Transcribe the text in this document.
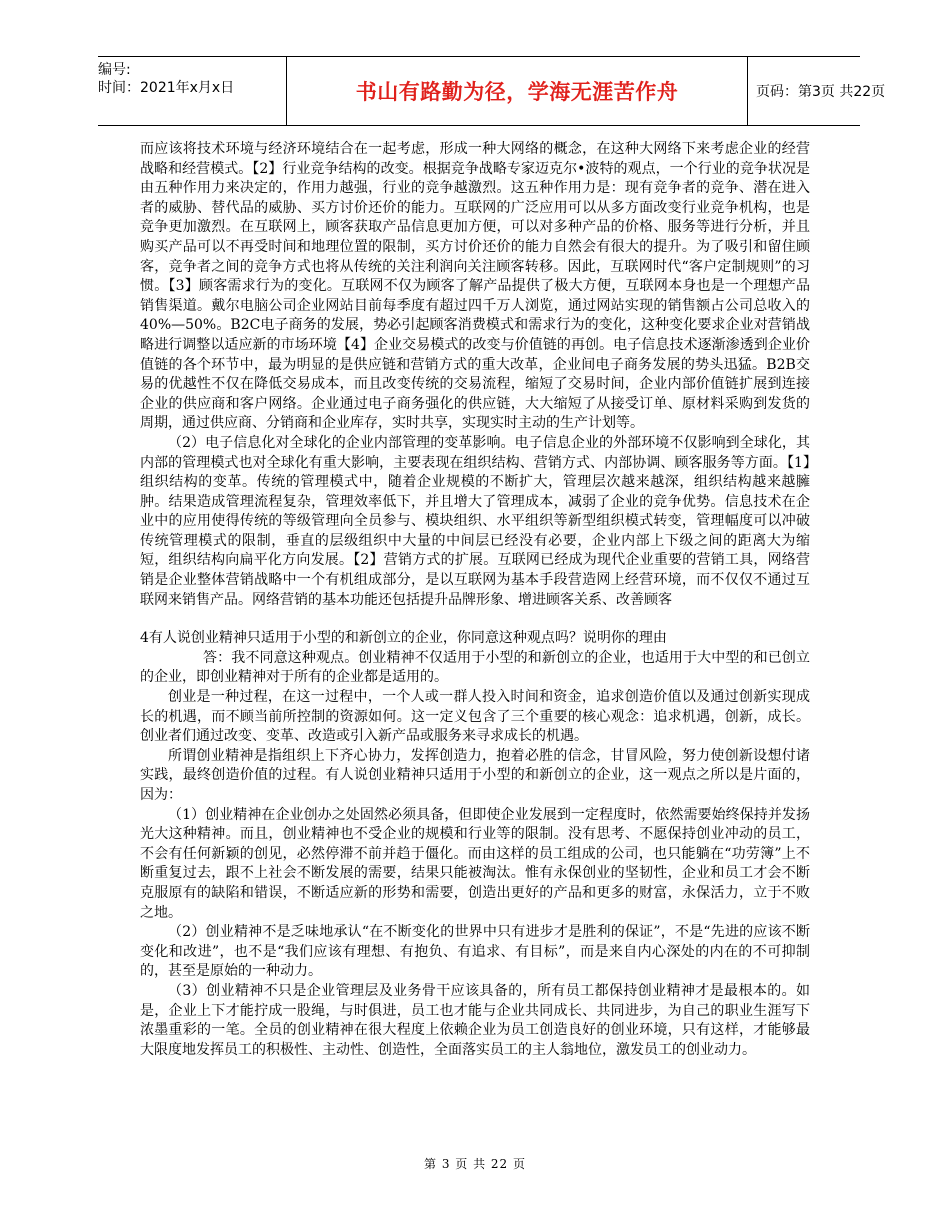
编号:
时间：2021年x月x日	书山有路勤为径，学海无涯苦作舟	页码：第3页 共22页

而应该将技术环境与经济环境结合在一起考虑，形成一种大网络的概念，在这种大网络下来考虑企业的经营战略和经营模式。【2】行业竞争结构的改变。根据竞争战略专家迈克尔•波特的观点，一个行业的竞争状况是由五种作用力来决定的，作用力越强，行业的竞争越激烈。这五种作用力是：现有竞争者的竞争、潜在进入者的威胁、替代品的威胁、买方讨价还价的能力。互联网的广泛应用可以从多方面改变行业竞争机构，也是竞争更加激烈。在互联网上，顾客获取产品信息更加方便，可以对多种产品的价格、服务等进行分析，并且购买产品可以不再受时间和地理位置的限制，买方讨价还价的能力自然会有很大的提升。为了吸引和留住顾客，竞争者之间的竞争方式也将从传统的关注利润向关注顾客转移。因此，互联网时代“客户定制规则”的习惯。【3】顾客需求行为的变化。互联网不仅为顾客了解产品提供了极大方便，互联网本身也是一个理想产品销售渠道。戴尔电脑公司企业网站目前每季度有超过四千万人浏览，通过网站实现的销售额占公司总收入的40%—50%。B2C电子商务的发展，势必引起顾客消费模式和需求行为的变化，这种变化要求企业对营销战略进行调整以适应新的市场环境【4】企业交易模式的改变与价值链的再创。电子信息技术逐渐渗透到企业价值链的各个环节中，最为明显的是供应链和营销方式的重大改革，企业间电子商务发展的势头迅猛。B2B交易的优越性不仅在降低交易成本，而且改变传统的交易流程，缩短了交易时间，企业内部价值链扩展到连接企业的供应商和客户网络。企业通过电子商务强化的供应链，大大缩短了从接受订单、原材料采购到发货的周期，通过供应商、分销商和企业库存，实时共享，实现实时主动的生产计划等。

（2）电子信息化对全球化的企业内部管理的变革影响。电子信息企业的外部环境不仅影响到全球化，其内部的管理模式也对全球化有重大影响，主要表现在组织结构、营销方式、内部协调、顾客服务等方面。【1】组织结构的变革。传统的管理模式中，随着企业规模的不断扩大，管理层次越来越深，组织结构越来越臃肿。结果造成管理流程复杂，管理效率低下，并且增大了管理成本，减弱了企业的竞争优势。信息技术在企业中的应用使得传统的等级管理向全员参与、模块组织、水平组织等新型组织模式转变，管理幅度可以冲破传统管理模式的限制，垂直的层级组织中大量的中间层已经没有必要，企业内部上下级之间的距离大为缩短，组织结构向扁平化方向发展。【2】营销方式的扩展。互联网已经成为现代企业重要的营销工具，网络营销是企业整体营销战略中一个有机组成部分，是以互联网为基本手段营造网上经营环境，而不仅仅不通过互联网来销售产品。网络营销的基本功能还包括提升品牌形象、增进顾客关系、改善顾客

4有人说创业精神只适用于小型的和新创立的企业，你同意这种观点吗？说明你的理由

答：我不同意这种观点。创业精神不仅适用于小型的和新创立的企业，也适用于大中型的和已创立的企业，即创业精神对于所有的企业都是适用的。

创业是一种过程，在这一过程中，一个人或一群人投入时间和资金，追求创造价值以及通过创新实现成长的机遇，而不顾当前所控制的资源如何。这一定义包含了三个重要的核心观念：追求机遇，创新，成长。创业者们通过改变、变革、改造或引入新产品或服务来寻求成长的机遇。

所谓创业精神是指组织上下齐心协力，发挥创造力，抱着必胜的信念，甘冒风险，努力使创新设想付诸实践，最终创造价值的过程。有人说创业精神只适用于小型的和新创立的企业，这一观点之所以是片面的，因为：

（1）创业精神在企业创办之处固然必须具备，但即使企业发展到一定程度时，依然需要始终保持并发扬光大这种精神。而且，创业精神也不受企业的规模和行业等的限制。没有思考、不愿保持创业冲动的员工，不会有任何新颖的创见，必然停滞不前并趋于僵化。而由这样的员工组成的公司，也只能躺在“功劳簿”上不断重复过去，跟不上社会不断发展的需要，结果只能被淘汰。惟有永保创业的坚韧性，企业和员工才会不断克服原有的缺陷和错误，不断适应新的形势和需要，创造出更好的产品和更多的财富，永保活力，立于不败之地。

（2）创业精神不是乏味地承认“在不断变化的世界中只有进步才是胜利的保证”，不是“先进的应该不断变化和改进”，也不是“我们应该有理想、有抱负、有追求、有目标”，而是来自内心深处的内在的不可抑制的，甚至是原始的一种动力。

（3）创业精神不只是企业管理层及业务骨干应该具备的，所有员工都保持创业精神才是最根本的。如是，企业上下才能拧成一股绳，与时俱进，员工也才能与企业共同成长、共同进步，为自己的职业生涯写下浓墨重彩的一笔。全员的创业精神在很大程度上依赖企业为员工创造良好的创业环境，只有这样，才能够最大限度地发挥员工的积极性、主动性、创造性，全面落实员工的主人翁地位，激发员工的创业动力。

第 3 页 共 22 页
